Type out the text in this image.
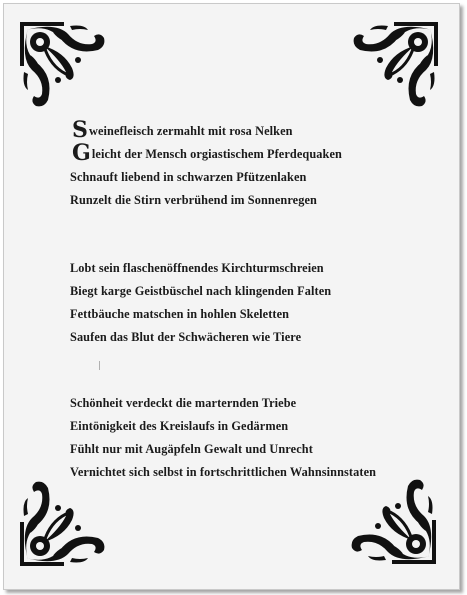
Sweinefleisch zermahlt mit rosa Nelken
Gleicht der Mensch orgiastischem Pferdequaken
Schnauft liebend in schwarzen Pfützenlaken
Runzelt die Stirn verbrühend im Sonnenregen
Lobt sein flaschenöffnendes Kirchturmschreien
Biegt karge Geistbüschel nach klingenden Falten
Fettbäuche matschen in hohlen Skeletten
Saufen das Blut der Schwächeren wie Tiere
Schönheit verdeckt die marternden Triebe
Eintönigkeit des Kreislaufs in Gedärmen
Fühlt nur mit Augäpfeln Gewalt und Unrecht
Vernichtet sich selbst in fortschrittlichen Wahnsinnstaten
